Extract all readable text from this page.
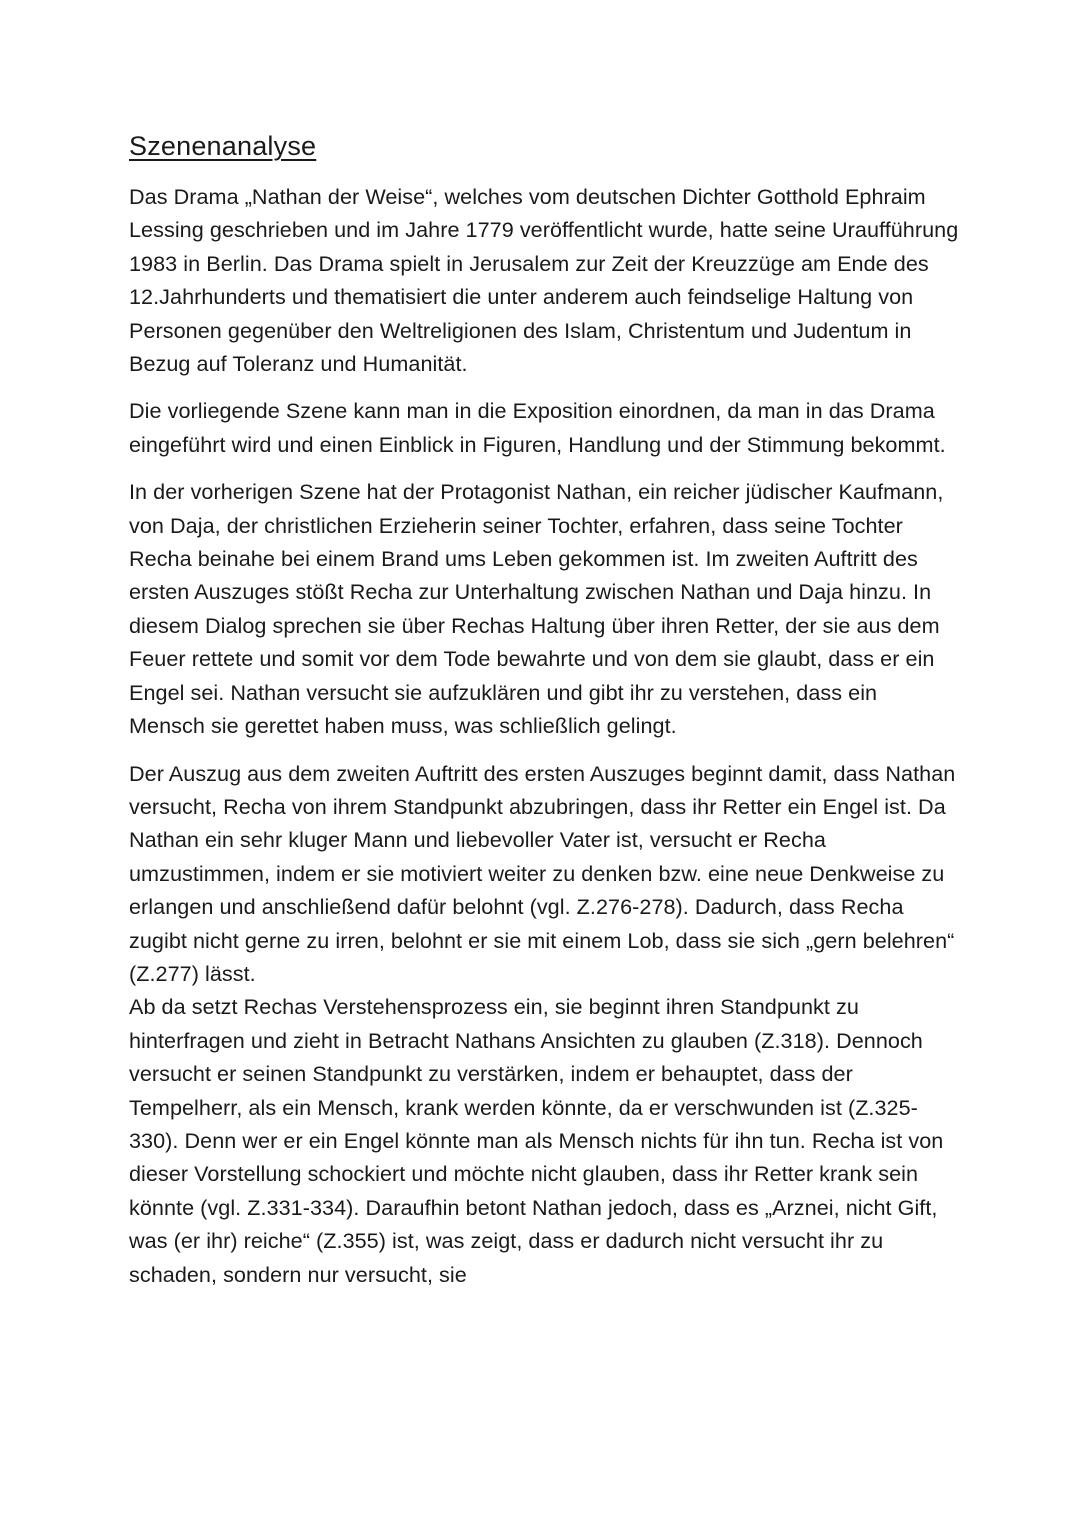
Szenenanalyse

Das Drama „Nathan der Weise“, welches vom deutschen Dichter Gotthold Ephraim Lessing geschrieben und im Jahre 1779 veröffentlicht wurde, hatte seine Uraufführung 1983 in Berlin. Das Drama spielt in Jerusalem zur Zeit der Kreuzzüge am Ende des 12.Jahrhunderts und thematisiert die unter anderem auch feindselige Haltung von Personen gegenüber den Weltreligionen des Islam, Christentum und Judentum in Bezug auf Toleranz und Humanität.

Die vorliegende Szene kann man in die Exposition einordnen, da man in das Drama eingeführt wird und einen Einblick in Figuren, Handlung und der Stimmung bekommt.

In der vorherigen Szene hat der Protagonist Nathan, ein reicher jüdischer Kaufmann, von Daja, der christlichen Erzieherin seiner Tochter, erfahren, dass seine Tochter Recha beinahe bei einem Brand ums Leben gekommen ist. Im zweiten Auftritt des ersten Auszuges stößt Recha zur Unterhaltung zwischen Nathan und Daja hinzu. In diesem Dialog sprechen sie über Rechas Haltung über ihren Retter, der sie aus dem Feuer rettete und somit vor dem Tode bewahrte und von dem sie glaubt, dass er ein Engel sei. Nathan versucht sie aufzuklären und gibt ihr zu verstehen, dass ein Mensch sie gerettet haben muss, was schließlich gelingt.

Der Auszug aus dem zweiten Auftritt des ersten Auszuges beginnt damit, dass Nathan versucht, Recha von ihrem Standpunkt abzubringen, dass ihr Retter ein Engel ist. Da Nathan ein sehr kluger Mann und liebevoller Vater ist, versucht er Recha umzustimmen, indem er sie motiviert weiter zu denken bzw. eine neue Denkweise zu erlangen und anschließend dafür belohnt (vgl. Z.276-278). Dadurch, dass Recha zugibt nicht gerne zu irren, belohnt er sie mit einem Lob, dass sie sich „gern belehren“ (Z.277) lässt.

Ab da setzt Rechas Verstehensprozess ein, sie beginnt ihren Standpunkt zu hinterfragen und zieht in Betracht Nathans Ansichten zu glauben (Z.318). Dennoch versucht er seinen Standpunkt zu verstärken, indem er behauptet, dass der Tempelherr, als ein Mensch, krank werden könnte, da er verschwunden ist (Z.325-330). Denn wer er ein Engel könnte man als Mensch nichts für ihn tun. Recha ist von dieser Vorstellung schockiert und möchte nicht glauben, dass ihr Retter krank sein könnte (vgl. Z.331-334). Daraufhin betont Nathan jedoch, dass es „Arznei, nicht Gift, was (er ihr) reiche“ (Z.355) ist, was zeigt, dass er dadurch nicht versucht ihr zu schaden, sondern nur versucht, sie
